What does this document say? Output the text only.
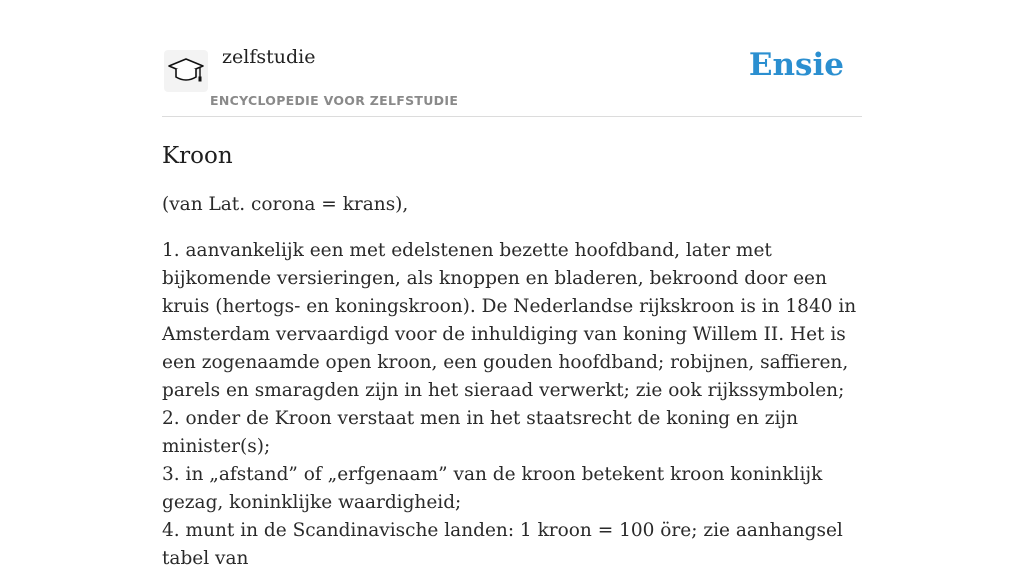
zelfstudie
ENCYCLOPEDIE VOOR ZELFSTUDIE
Ensie
Kroon

(van Lat. corona = krans),

1. aanvankelijk een met edelstenen bezette hoofdband, later met bijkomende versieringen, als knoppen en bladeren, bekroond door een kruis (hertogs- en koningskroon). De Nederlandse rijkskroon is in 1840 in Amsterdam vervaardigd voor de inhuldiging van koning Willem II. Het is een zogenaamde open kroon, een gouden hoofdband; robijnen, saffieren, parels en smaragden zijn in het sieraad verwerkt; zie ook rijkssymbolen;

2. onder de Kroon verstaat men in het staatsrecht de koning en zijn minister(s);

3. in „afstand” of „erfgenaam” van de kroon betekent kroon koninklijk gezag, koninklijke waardigheid;

4. munt in de Scandinavische landen: 1 kroon = 100 öre; zie aanhangsel tabel van
